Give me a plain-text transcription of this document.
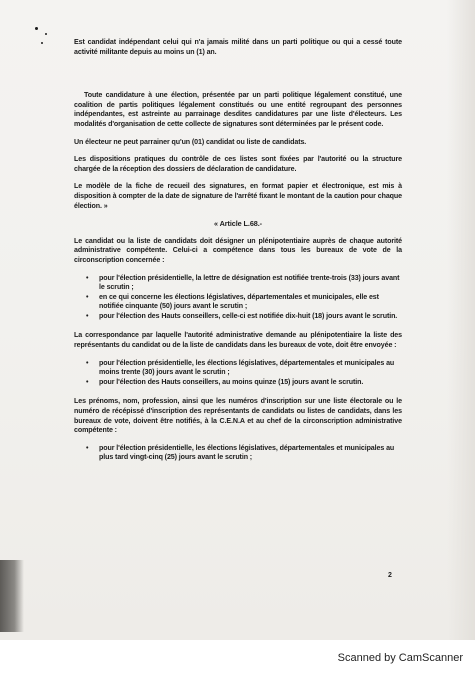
Est candidat indépendant celui qui n'a jamais milité dans un parti politique ou qui a cessé toute activité militante depuis au moins un (1) an.

Toute candidature à une élection, présentée par un parti politique légalement constitué, une coalition de partis politiques légalement constitués ou une entité regroupant des personnes indépendantes, est astreinte au parrainage desdites candidatures par une liste d'électeurs. Les modalités d'organisation de cette collecte de signatures sont déterminées par le présent code.

Un électeur ne peut parrainer qu'un (01) candidat ou liste de candidats.

Les dispositions pratiques du contrôle de ces listes sont fixées par l'autorité ou la structure chargée de la réception des dossiers de déclaration de candidature.

Le modèle de la fiche de recueil des signatures, en format papier et électronique, est mis à disposition à compter de la date de signature de l'arrêté fixant le montant de la caution pour chaque élection. »

« Article L.68.-

Le candidat ou la liste de candidats doit désigner un plénipotentiaire auprès de chaque autorité administrative compétente. Celui-ci a compétence dans tous les bureaux de vote de la circonscription concernée :

• pour l'élection présidentielle, la lettre de désignation est notifiée trente-trois (33) jours avant le scrutin ;
• en ce qui concerne les élections législatives, départementales et municipales, elle est notifiée cinquante (50) jours avant le scrutin ;
• pour l'élection des Hauts conseillers, celle-ci est notifiée dix-huit (18) jours avant le scrutin.

La correspondance par laquelle l'autorité administrative demande au plénipotentiaire la liste des représentants du candidat ou de la liste de candidats dans les bureaux de vote, doit être envoyée :

• pour l'élection présidentielle, les élections législatives, départementales et municipales au moins trente (30) jours avant le scrutin ;
• pour l'élection des Hauts conseillers, au moins quinze (15) jours avant le scrutin.

Les prénoms, nom, profession, ainsi que les numéros d'inscription sur une liste électorale ou le numéro de récépissé d'inscription des représentants de candidats ou listes de candidats, dans les bureaux de vote, doivent être notifiés, à la C.E.N.A et au chef de la circonscription administrative compétente :

• pour l'élection présidentielle, les élections législatives, départementales et municipales au plus tard vingt-cinq (25) jours avant le scrutin ;
2
Scanned by CamScanner
